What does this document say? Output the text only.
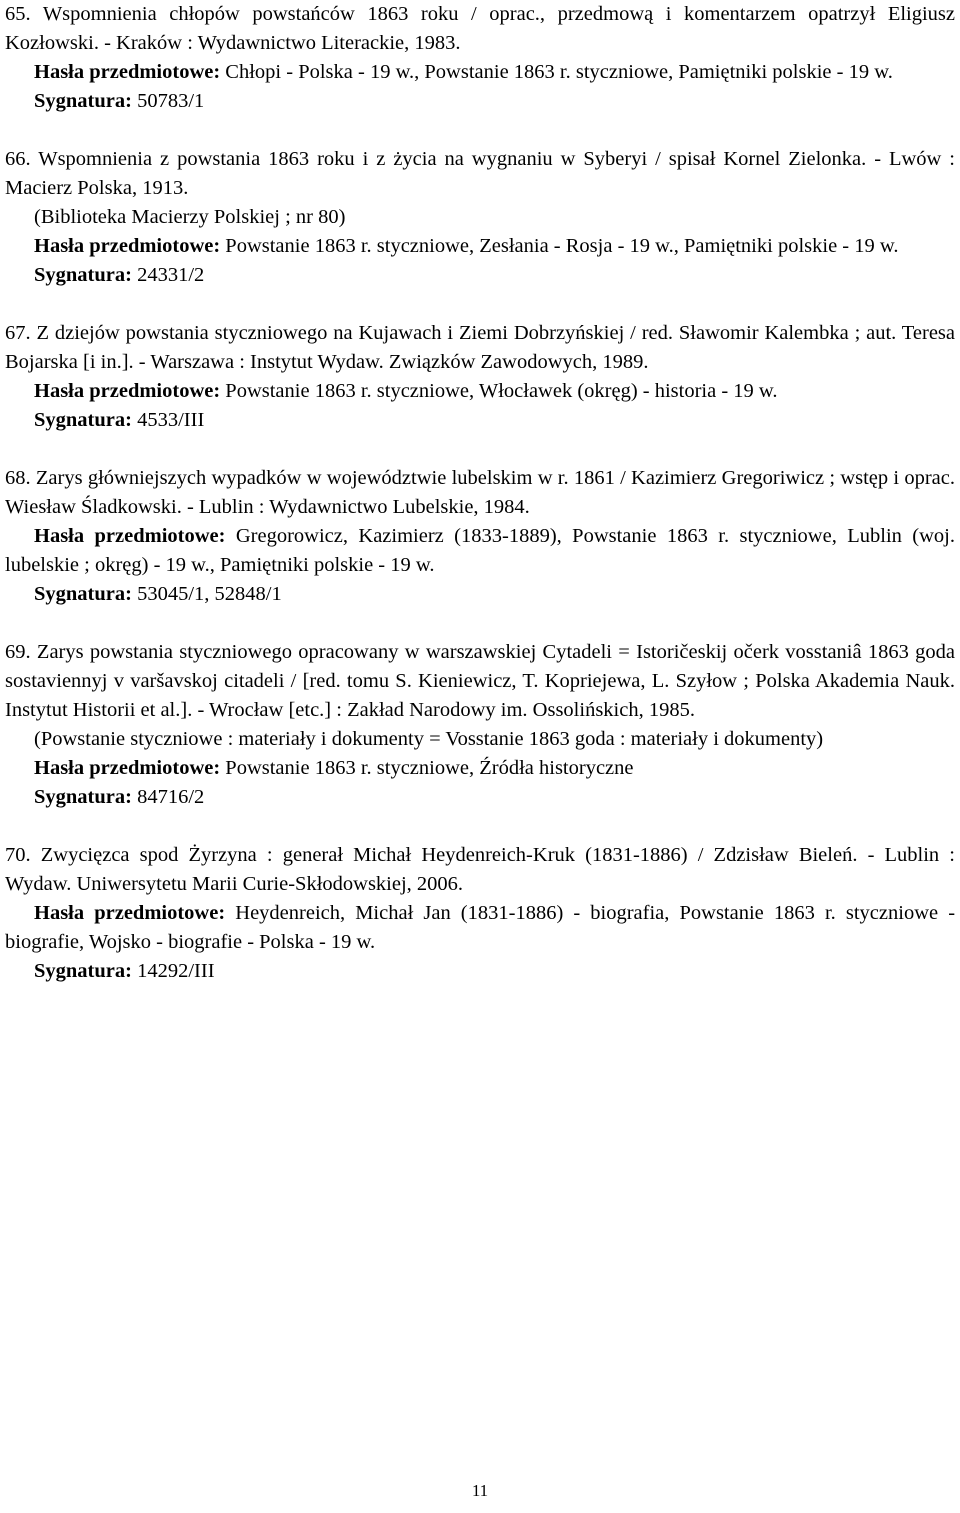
65. Wspomnienia chłopów powstańców 1863 roku / oprac., przedmową i komentarzem opatrzył Eligiusz Kozłowski. - Kraków : Wydawnictwo Literackie, 1983.

Hasła przedmiotowe: Chłopi - Polska - 19 w., Powstanie 1863 r. styczniowe, Pamiętniki polskie - 19 w.

Sygnatura: 50783/1

66. Wspomnienia z powstania 1863 roku i z życia na wygnaniu w Syberyi / spisał Kornel Zielonka. - Lwów : Macierz Polska, 1913.

(Biblioteka Macierzy Polskiej ; nr 80)

Hasła przedmiotowe: Powstanie 1863 r. styczniowe, Zesłania - Rosja - 19 w., Pamiętniki polskie - 19 w.

Sygnatura: 24331/2

67. Z dziejów powstania styczniowego na Kujawach i Ziemi Dobrzyńskiej / red. Sławomir Kalembka ; aut. Teresa Bojarska [i in.]. - Warszawa : Instytut Wydaw. Związków Zawodowych, 1989.

Hasła przedmiotowe: Powstanie 1863 r. styczniowe, Włocławek (okręg) - historia - 19 w.

Sygnatura: 4533/III

68. Zarys główniejszych wypadków w województwie lubelskim w r. 1861 / Kazimierz Gregoriwicz ; wstęp i oprac. Wiesław Śladkowski. - Lublin : Wydawnictwo Lubelskie, 1984.

Hasła przedmiotowe: Gregorowicz, Kazimierz (1833-1889), Powstanie 1863 r. styczniowe, Lublin (woj. lubelskie ; okręg) - 19 w., Pamiętniki polskie - 19 w.

Sygnatura: 53045/1, 52848/1

69. Zarys powstania styczniowego opracowany w warszawskiej Cytadeli = Istoričeskij očerk vosstaniâ 1863 goda sostaviennyj v varšavskoj citadeli / [red. tomu S. Kieniewicz, T. Kopriejewa, L. Szyłow ; Polska Akademia Nauk. Instytut Historii et al.]. - Wrocław [etc.] : Zakład Narodowy im. Ossolińskich, 1985.

(Powstanie styczniowe : materiały i dokumenty = Vosstanie 1863 goda : materiały i dokumenty)

Hasła przedmiotowe: Powstanie 1863 r. styczniowe, Źródła historyczne

Sygnatura: 84716/2

70. Zwycięzca spod Żyrzyna : generał Michał Heydenreich-Kruk (1831-1886) / Zdzisław Bieleń. - Lublin : Wydaw. Uniwersytetu Marii Curie-Skłodowskiej, 2006.

Hasła przedmiotowe: Heydenreich, Michał Jan (1831-1886) - biografia, Powstanie 1863 r. styczniowe - biografie, Wojsko - biografie - Polska - 19 w.

Sygnatura: 14292/III

11
